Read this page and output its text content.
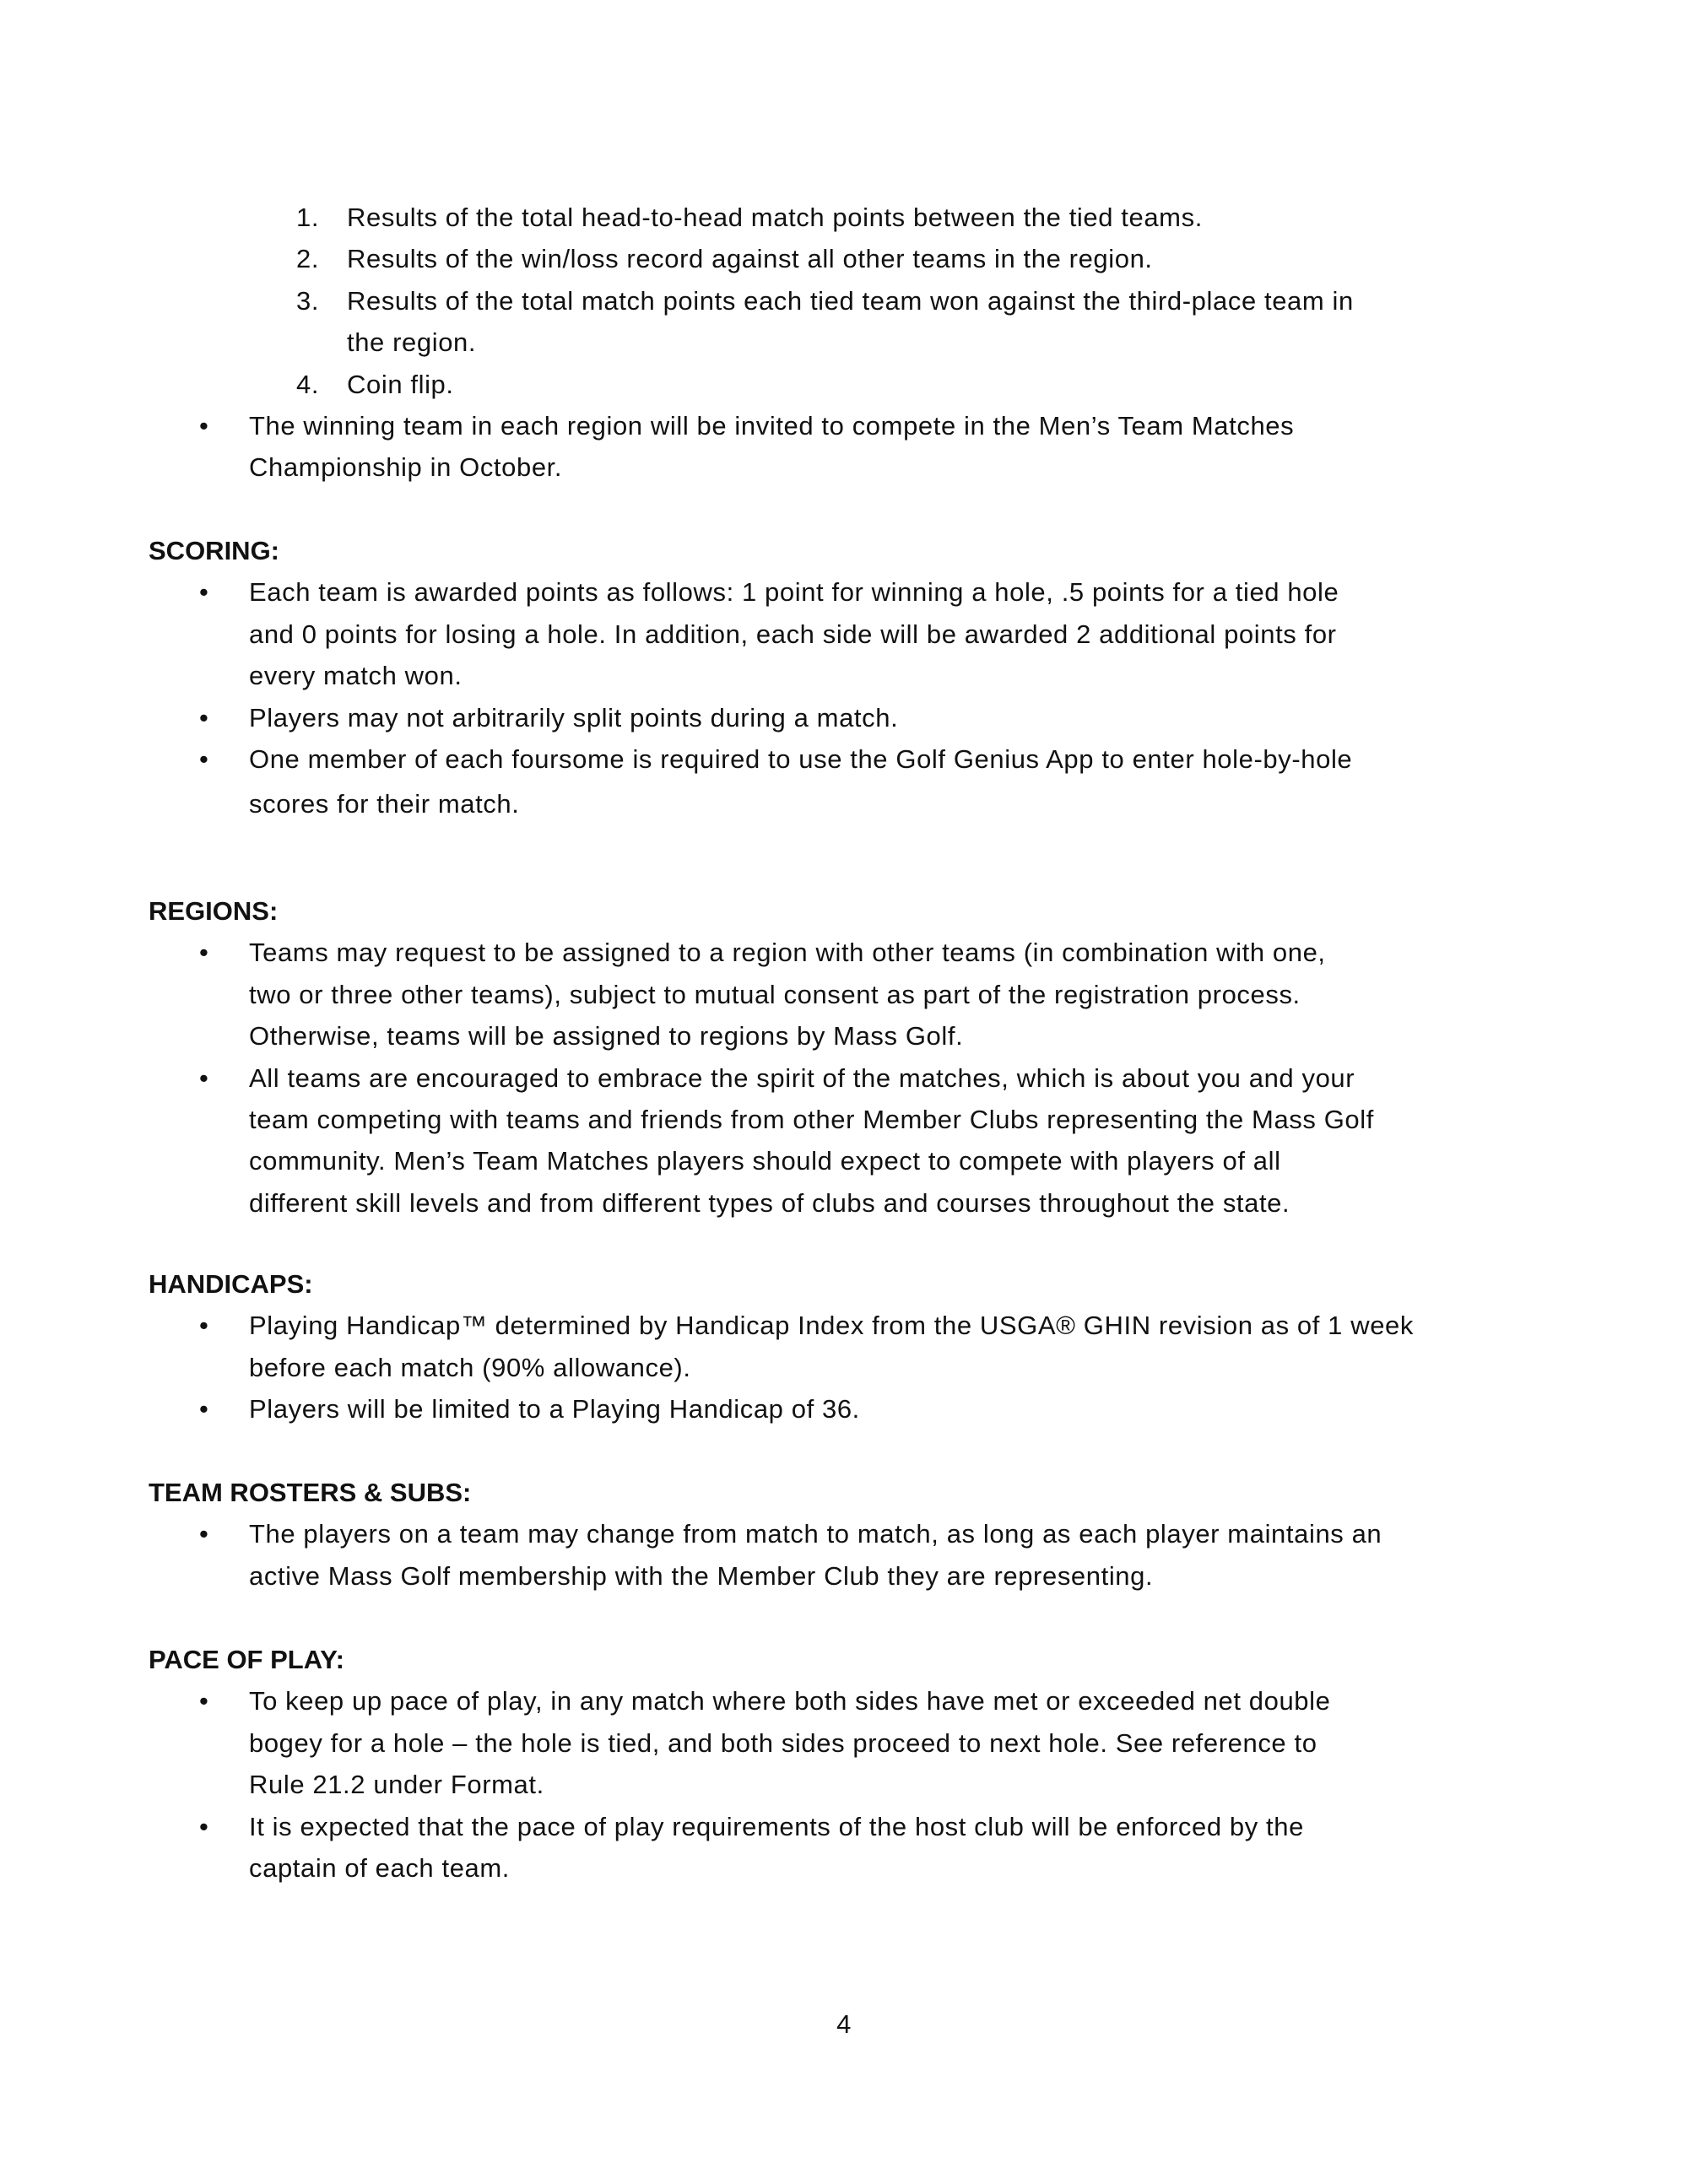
1. Results of the total head-to-head match points between the tied teams.
2. Results of the win/loss record against all other teams in the region.
3. Results of the total match points each tied team won against the third-place team in
the region.
4. Coin flip.
• The winning team in each region will be invited to compete in the Men’s Team Matches
Championship in October.
SCORING:
• Each team is awarded points as follows: 1 point for winning a hole, .5 points for a tied hole
and 0 points for losing a hole. In addition, each side will be awarded 2 additional points for
every match won.
• Players may not arbitrarily split points during a match.
• One member of each foursome is required to use the Golf Genius App to enter hole-by-hole
scores for their match.
REGIONS:
• Teams may request to be assigned to a region with other teams (in combination with one,
two or three other teams), subject to mutual consent as part of the registration process.
Otherwise, teams will be assigned to regions by Mass Golf.
• All teams are encouraged to embrace the spirit of the matches, which is about you and your
team competing with teams and friends from other Member Clubs representing the Mass Golf
community. Men’s Team Matches players should expect to compete with players of all
different skill levels and from different types of clubs and courses throughout the state.
HANDICAPS:
• Playing Handicap™ determined by Handicap Index from the USGA® GHIN revision as of 1 week
before each match (90% allowance).
• Players will be limited to a Playing Handicap of 36.
TEAM ROSTERS & SUBS:
• The players on a team may change from match to match, as long as each player maintains an
active Mass Golf membership with the Member Club they are representing.
PACE OF PLAY:
• To keep up pace of play, in any match where both sides have met or exceeded net double
bogey for a hole – the hole is tied, and both sides proceed to next hole. See reference to
Rule 21.2 under Format.
• It is expected that the pace of play requirements of the host club will be enforced by the
captain of each team.
4
